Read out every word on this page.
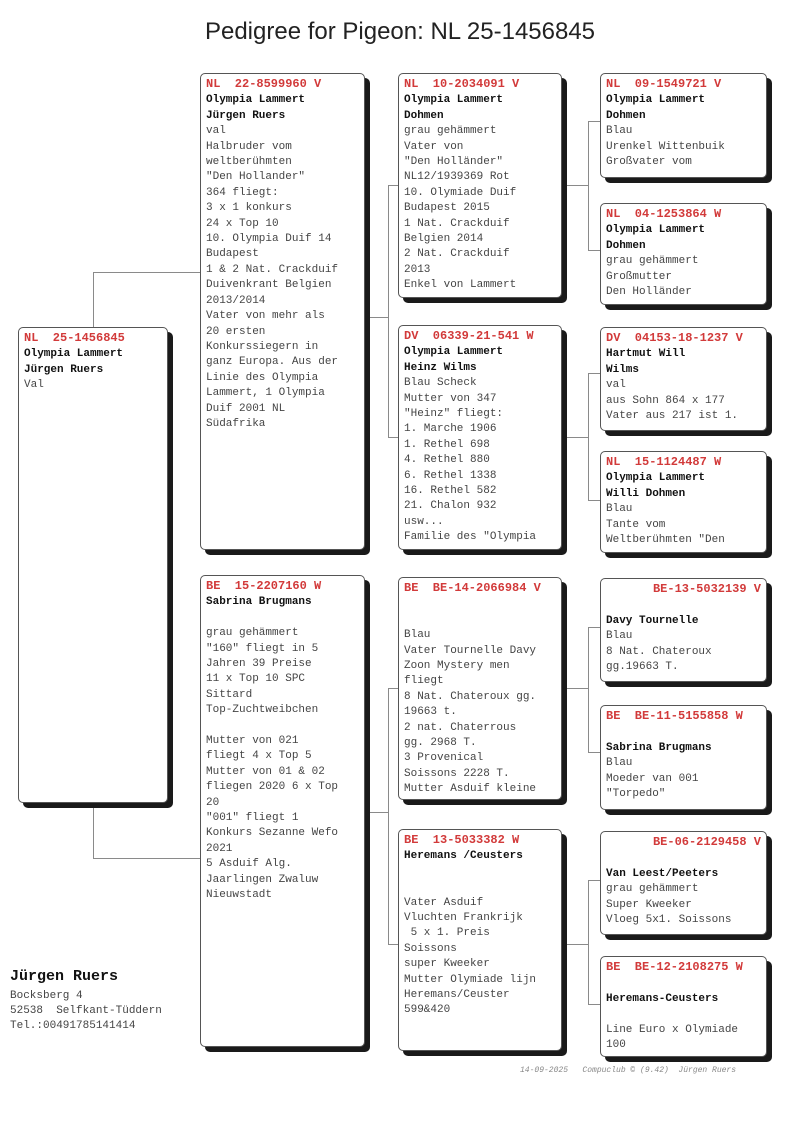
Pedigree for Pigeon: NL 25-1456845
NL  25-1456845
Olympia Lammert
Jürgen Ruers
Val
NL  22-8599960 V
Olympia Lammert
Jürgen Ruers
val
Halbruder vom
weltberühmten
"Den Hollander"
364 fliegt:
3 x 1 konkurs
24 x Top 10
10. Olympia Duif 14
Budapest
1 & 2 Nat. Crackduif
Duivenkrant Belgien
2013/2014
Vater von mehr als
20 ersten
Konkurssiegern in
ganz Europa. Aus der
Linie des Olympia
Lammert, 1 Olympia
Duif 2001 NL
Südafrika
BE  15-2207160 W
Sabrina Brugmans
grau gehämmert
"160" fliegt in 5
Jahren 39 Preise
11 x Top 10 SPC
Sittard
Top-Zuchtweibchen
Mutter von 021
fliegt 4 x Top 5
Mutter von 01 & 02
fliegen 2020 6 x Top
20
"001" fliegt 1
Konkurs Sezanne Wefo
2021
5 Asduif Alg.
Jaarlingen Zwaluw
Nieuwstadt
NL  10-2034091 V
Olympia Lammert
Dohmen
grau gehämmert
Vater von
"Den Holländer"
NL12/1939369 Rot
10. Olymiade Duif
Budapest 2015
1 Nat. Crackduif
Belgien 2014
2 Nat. Crackduif
2013
Enkel von Lammert
DV  06339-21-541 W
Olympia Lammert
Heinz Wilms
Blau Scheck
Mutter von 347
"Heinz" fliegt:
1. Marche 1906
1. Rethel 698
4. Rethel 880
6. Rethel 1338
16. Rethel 582
21. Chalon 932
usw...
Familie des "Olympia
BE  BE-14-2066984 V
Blau
Vater Tournelle Davy
Zoon Mystery men
fliegt
8 Nat. Chateroux gg.
19663 t.
2 nat. Chaterrous
gg. 2968 T.
3 Provenical
Soissons 2228 T.
Mutter Asduif kleine
BE  13-5033382 W
Heremans /Ceusters
Vater Asduif
Vluchten Frankrijk
5 x 1. Preis
Soissons
super Kweeker
Mutter Olymiade lijn
Heremans/Ceuster
599&420
NL  09-1549721 V
Olympia Lammert
Dohmen
Blau
Urenkel Wittenbuik
Großvater vom
NL  04-1253864 W
Olympia Lammert
Dohmen
grau gehämmert
Großmutter
Den Holländer
DV  04153-18-1237 V
Hartmut Will
Wilms
val
aus Sohn 864 x 177
Vater aus 217 ist 1.
NL  15-1124487 W
Olympia Lammert
Willi Dohmen
Blau
Tante vom
Weltberühmten "Den
BE-13-5032139 V
Davy Tournelle
Blau
8 Nat. Chateroux
gg.19663 T.
BE  BE-11-5155858 W
Sabrina Brugmans
Blau
Moeder van 001
"Torpedo"
BE-06-2129458 V
Van Leest/Peeters
grau gehämmert
Super Kweeker
Vloeg 5x1. Soissons
BE  BE-12-2108275 W
Heremans-Ceusters
Line Euro x Olymiade
100
Jürgen Ruers
Bocksberg 4
52538  Selfkant-Tüddern
Tel.:00491785141414
14-09-2025   Compuclub © (9.42)  Jürgen Ruers
